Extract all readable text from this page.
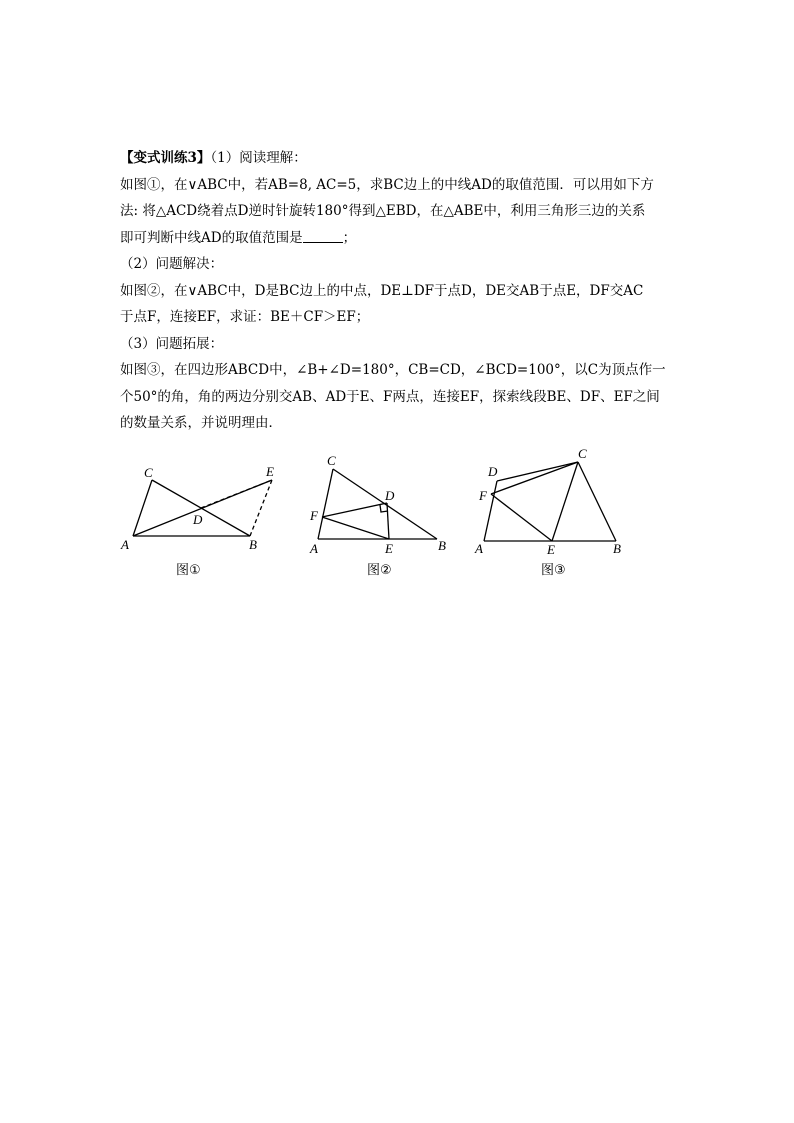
【变式训练3】（1）阅读理解：
如图①，在∨ABC中，若AB=8, AC=5，求BC边上的中线AD的取值范围．可以用如下方
法: 将△ACD绕着点D逆时针旋转180°得到△EBD，在△ABE中，利用三角形三边的关系
即可判断中线AD的取值范围是	；
（2）问题解决：
如图②，在∨ABC中，D是BC边上的中点，DE⊥DF于点D，DE交AB于点E，DF交AC
于点F，连接EF，求证：BE＋CF＞EF；
（3）问题拓展：
如图③，在四边形ABCD中，∠B+∠D=180°，CB=CD，∠BCD=100°，以C为顶点作一
个50°的角，角的两边分别交AB、AD于E、F两点，连接EF，探索线段BE、DF、EF之间
的数量关系，并说明理由．
C	E
D
A	B
图①
C
D
F
A	E	B
图②
D
C
F
A	E	B
图③
